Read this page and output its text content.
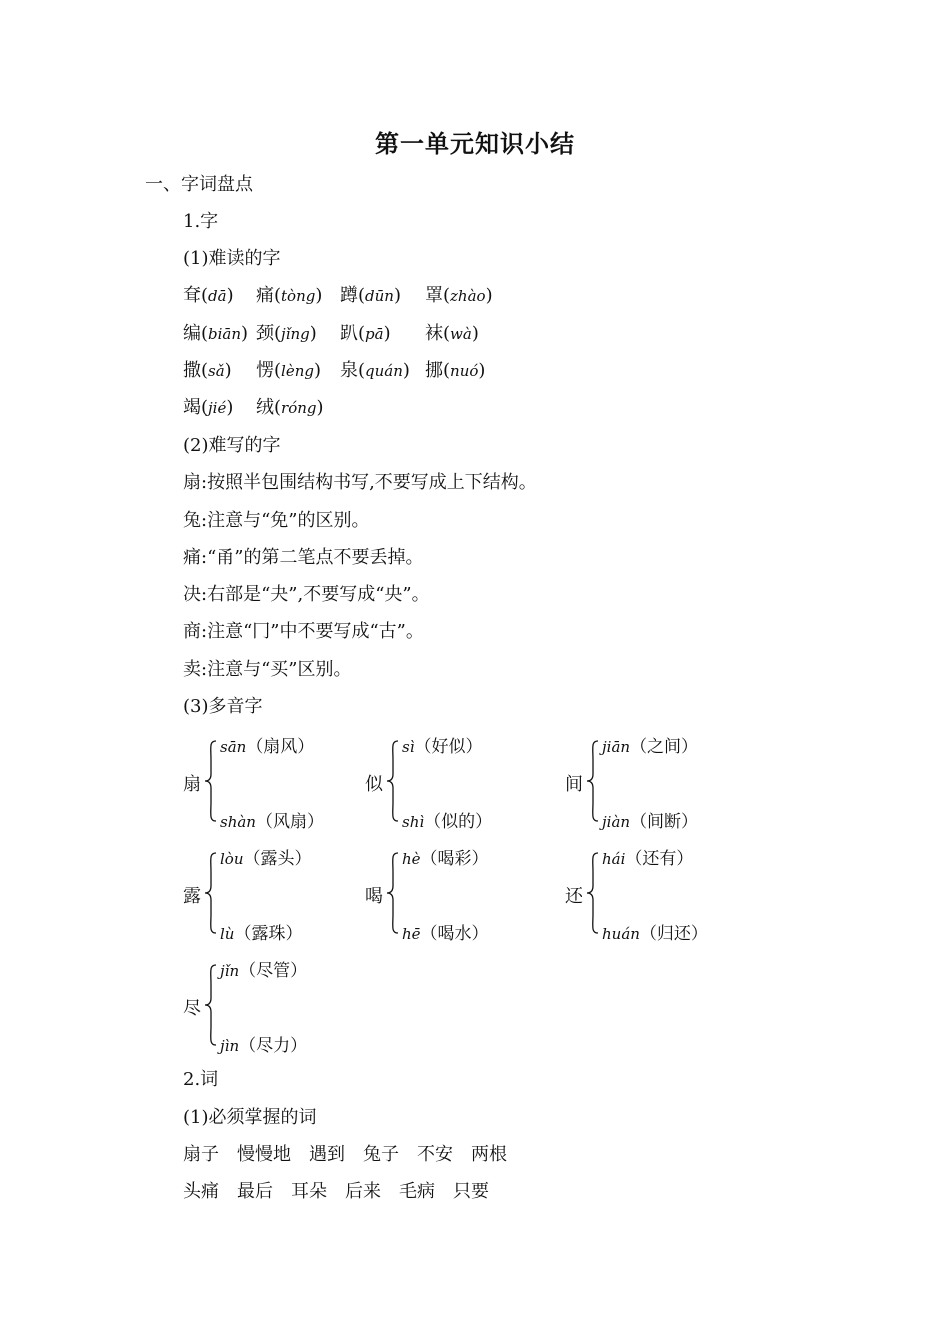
第一单元知识小结
一、字词盘点
1.字
(1)难读的字
耷(dā) 痛(tòng) 蹲(dūn) 罩(zhào)
编(biān) 颈(jǐng) 趴(pā) 袜(wà)
撒(sǎ) 愣(lèng) 泉(quán) 挪(nuó)
竭(jié) 绒(róng)
(2)难写的字
扇:按照半包围结构书写,不要写成上下结构。
兔:注意与“免”的区别。
痛:“甬”的第二笔点不要丢掉。
决:右部是“夬”,不要写成“央”。
商:注意“冂”中不要写成“古”。
卖:注意与“买”区别。
(3)多音字
扇
sān（扇风）
shàn（风扇）
似
sì（好似）
shì（似的）
间
jiān（之间）
jiàn（间断）
露
lòu（露头）
lù（露珠）
喝
hè（喝彩）
hē（喝水）
还
hái（还有）
huán（归还）
尽
jǐn（尽管）
jìn（尽力）
2.词
(1)必须掌握的词
扇子 慢慢地 遇到 兔子 不安 两根
头痛 最后 耳朵 后来 毛病 只要
